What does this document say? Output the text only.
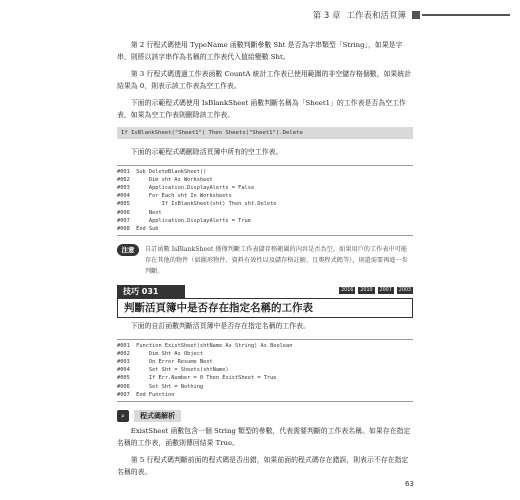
第 3 章 工作表和活頁簿

第 2 行程式碼使用 TypeName 函數判斷參數 Sht 是否為字串類型「String」，如果是字串，則將以該字串作為名稱的工作表代入值給變數 Sht。

第 3 行程式碼透過工作表函數 CountA 統計工作表已使用範圍的非空儲存格個數，如果統計結果為 0，則表示該工作表為空工作表。

下面的示範程式碼使用 IsBlankSheet 函數判斷名稱為「Sheet1」的工作表是否為空工作表，如果為空工作表則刪除該工作表。

If IsBlankSheet("Sheet1") Then Sheets("Sheet1").Delete

下面的示範程式碼刪除活頁簿中所有的空工作表。

#001  Sub DeleteBlankSheet()
#002      Dim sht As Worksheet
#003      Application.DisplayAlerts = False
#004      For Each sht In Worksheets
#005          If IsBlankSheet(sht) Then sht.Delete
#006      Next
#007      Application.DisplayAlerts = True
#008  End Sub
注意	自訂函數 IsBlankSheet 僅僅判斷工作表儲存格範圍的內容是否為空，如果用戶的工作表中可能存在其他的物件（如圖形物件、資料有效性以及儲存格註解、且奧程式碼等），則還需要再進一步判斷。
技巧 031	2016	2010	2007	2003
判斷活頁簿中是否存在指定名稱的工作表

下面的自訂函數判斷活頁簿中是否存在指定名稱的工作表。

#001  Function ExistSheet(shtName As String) As Boolean
#002      Dim Sht As Object
#003      On Error Resume Next
#004      Set Sht = Sheets(shtName)
#005      If Err.Number = 0 Then ExistSheet = True
#006      Set Sht = Nothing
#007  End Function
⌕	程式碼解析

ExistSheet 函數包含一個 String 類型的參數，代表需要判斷的工作表名稱。如果存在指定名稱的工作表，函數則傳回結果 True。

第 5 行程式碼判斷前面的程式碼是否出錯，如果前面的程式碼存在錯誤，則表示不存在指定名稱的表。

63
